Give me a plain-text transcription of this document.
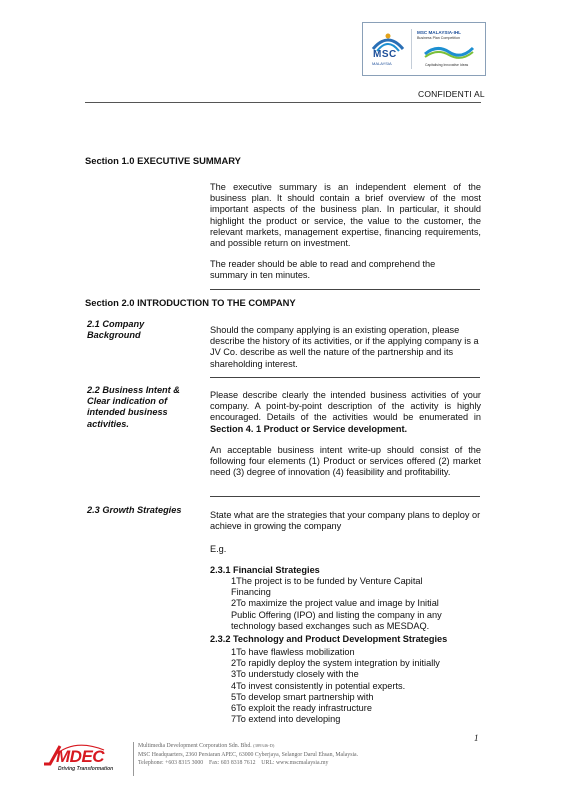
MSC
MALAYSIA
MSC MALAYSIA-IHL
Business Plan Competition
Capitalising Innovative Ideas
CONFIDENTI AL
Section 1.0 EXECUTIVE SUMMARY
The executive summary is an independent element of the business plan. It should contain a brief overview of the most important aspects of the business plan. In particular, it should highlight the product or service, the value to the customer, the relevant markets, management expertise, financing requirements, and possible return on investment.
The reader should be able to read and comprehend the summary in ten minutes.
Section 2.0 INTRODUCTION TO THE COMPANY
2.1 Company Background
Should the company applying is an existing operation, please describe the history of its activities, or if the applying company is a JV Co. describe as well the nature of the partnership and its shareholding interest.
2.2 Business Intent & Clear indication of intended business activities.
Please describe clearly the intended business activities of your company. A point-by-point description of the activity is highly encouraged. Details of the activities would be enumerated in Section 4. 1 Product or Service development.
An acceptable business intent write-up should consist of the following four elements (1) Product or services offered (2) market need (3) degree of innovation (4) feasibility and profitability.
2.3 Growth Strategies	State what are the strategies that your company plans to deploy or achieve in growing the company
E.g.
2.3.1 Financial Strategies
1The project is to be funded by Venture Capital Financing
2To maximize the project value and image by Initial Public Offering (IPO) and listing the company in any technology based exchanges such as MESDAQ.
2.3.2 Technology and Product Development Strategies
1To have flawless mobilization
2To rapidly deploy the system integration by initially
3To understudy closely with the
4To invest consistently in potential experts.
5To develop smart partnership with
6To exploit the ready infrastructure
7To extend into developing
1
MDEC
Driving Transformation
Multimedia Development Corporation Sdn. Bhd. (389346-D)
MSC Headquarters, 2360 Persiaran APEC, 63000 Cyberjaya, Selangor Darul Ehsan, Malaysia.
Telephone: +603 8315 3000    Fax: 603 8318 7612    URL: www.mscmalaysia.my
